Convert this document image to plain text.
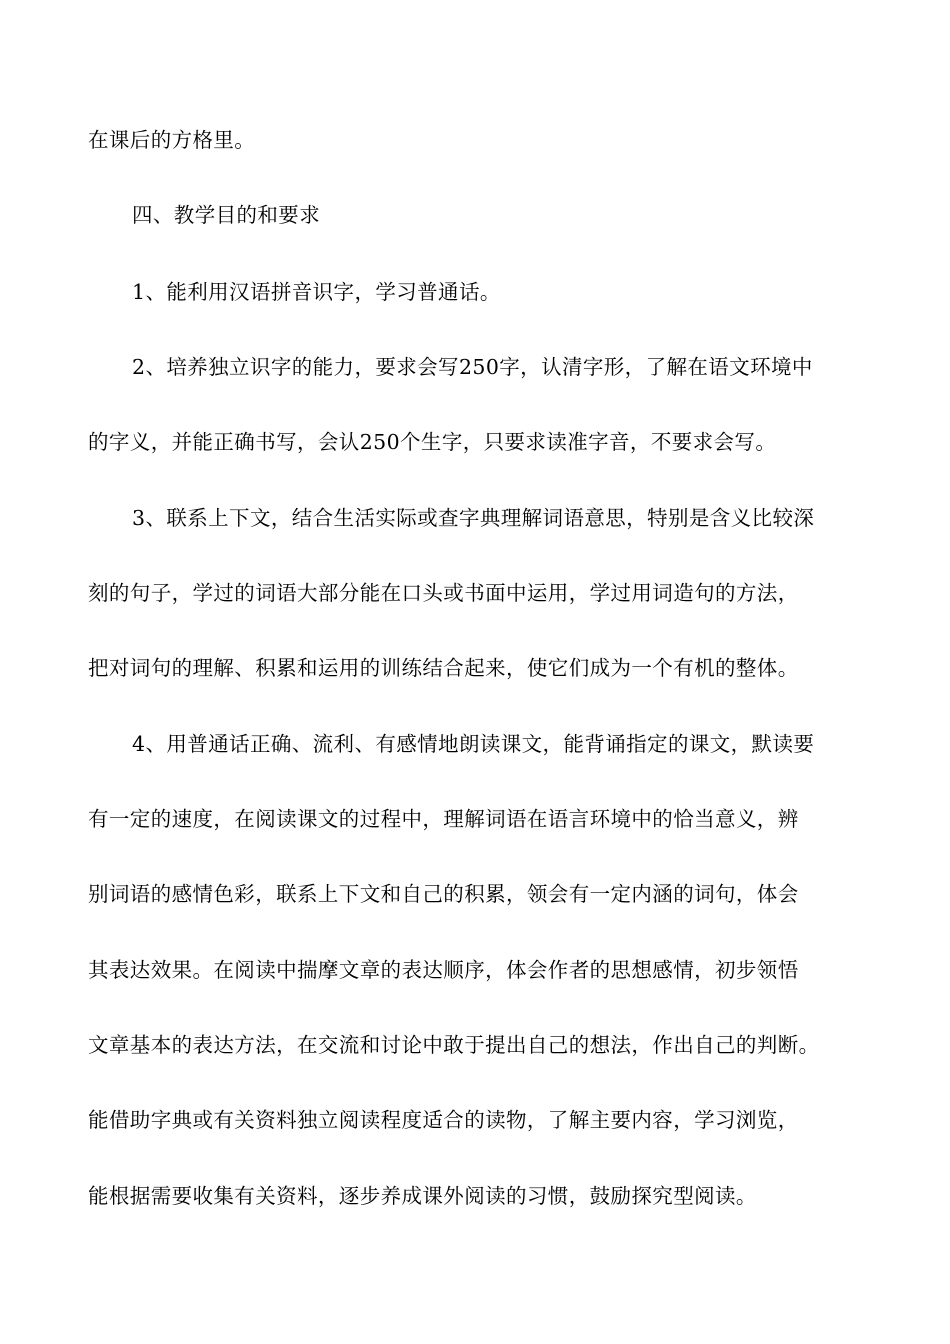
在课后的方格里。
四、教学目的和要求
1、能利用汉语拼音识字，学习普通话。
2、培养独立识字的能力，要求会写250字，认清字形，了解在语文环境中
的字义，并能正确书写，会认250个生字，只要求读准字音，不要求会写。
3、联系上下文，结合生活实际或查字典理解词语意思，特别是含义比较深
刻的句子，学过的词语大部分能在口头或书面中运用，学过用词造句的方法，
把对词句的理解、积累和运用的训练结合起来，使它们成为一个有机的整体。
4、用普通话正确、流利、有感情地朗读课文，能背诵指定的课文，默读要
有一定的速度，在阅读课文的过程中，理解词语在语言环境中的恰当意义，辨
别词语的感情色彩，联系上下文和自己的积累，领会有一定内涵的词句，体会
其表达效果。在阅读中揣摩文章的表达顺序，体会作者的思想感情，初步领悟
文章基本的表达方法，在交流和讨论中敢于提出自己的想法，作出自己的判断。
能借助字典或有关资料独立阅读程度适合的读物，了解主要内容，学习浏览，
能根据需要收集有关资料，逐步养成课外阅读的习惯，鼓励探究型阅读。
